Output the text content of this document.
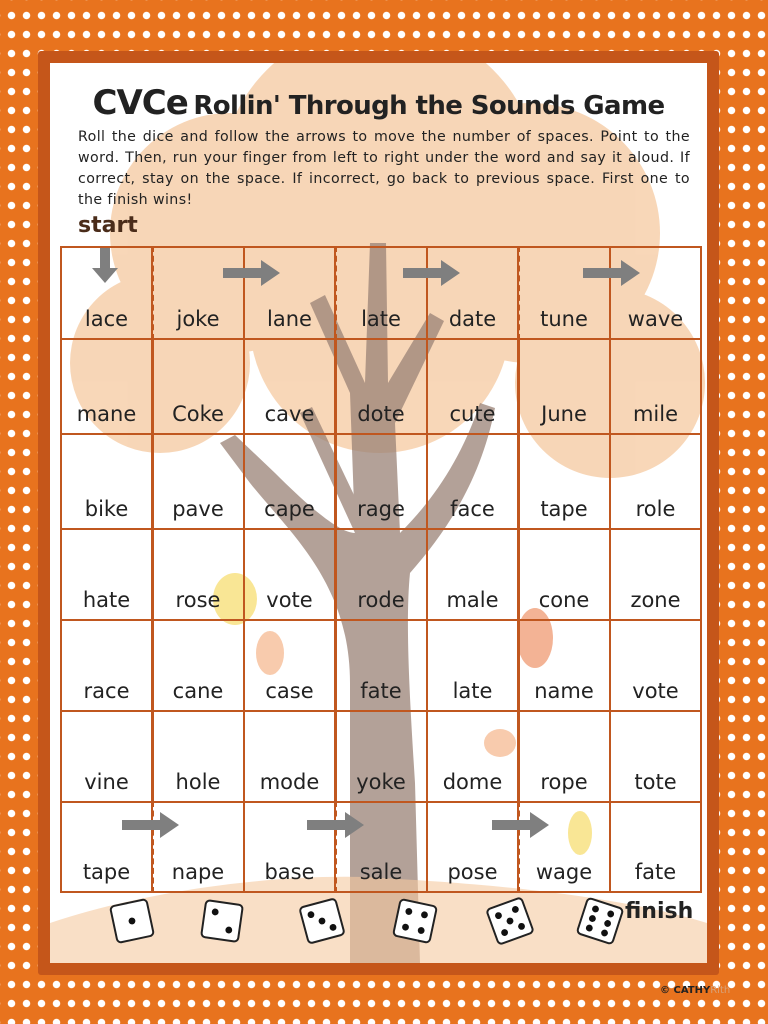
CVCe Rollin' Through the Sounds Game
Roll the dice and follow the arrows to move the number of spaces. Point to the word. Then, run your finger from left to right under the word and say it aloud. If correct, stay on the space. If incorrect, go back to previous space. First one to the finish wins!
start
lace	joke	lane	late	date	tune	wave
mane	Coke	cave	dote	cute	June	mile
bike	pave	cape	rage	face	tape	role
hate	rose	vote	rode	male	cone	zone
race	cane	case	fate	late	name	vote
vine	hole	mode	yoke	dome	rope	tote
tape	nape	base	sale	pose	wage	fate
finish
© CATHYRith
